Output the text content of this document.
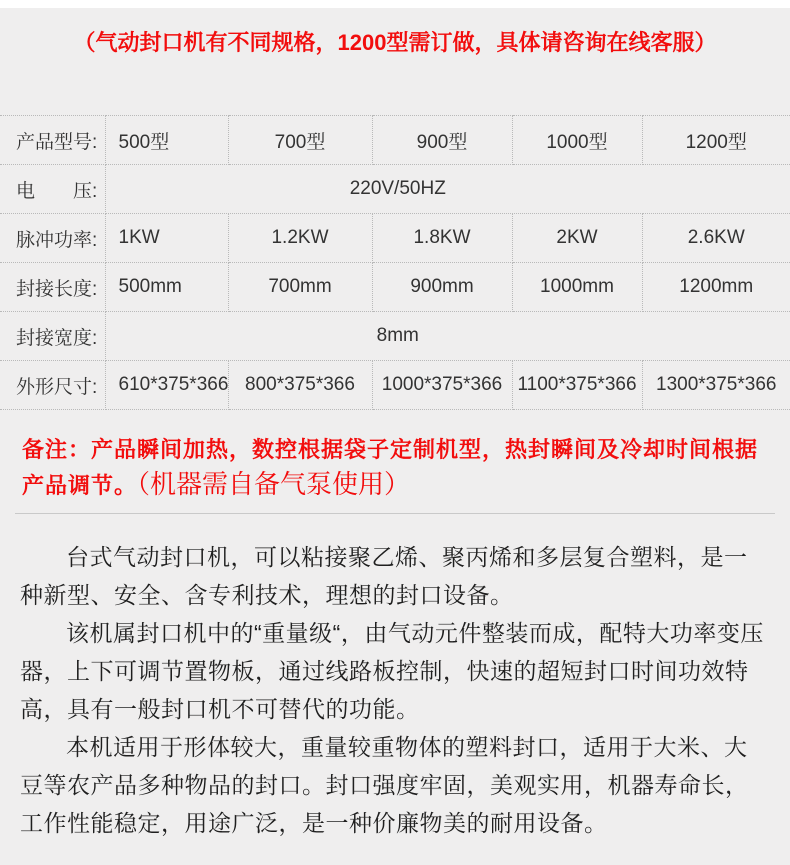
（气动封口机有不同规格，1200型需订做，具体请咨询在线客服）
产品型号:	500型	700型	900型	1000型	1200型
电　　压:	220V/50HZ				
脉冲功率:	1KW	1.2KW	1.8KW	2KW	2.6KW
封接长度:	500mm	700mm	900mm	1000mm	1200mm
封接宽度:	8mm				
外形尺寸:	610*375*366	800*375*366	1000*375*366	1100*375*366	1300*375*366
备注：产品瞬间加热，数控根据袋子定制机型，热封瞬间及冷却时间根据产品调节。（机器需自备气泵使用）

台式气动封口机，可以粘接聚乙烯、聚丙烯和多层复合塑料，是一种新型、安全、含专利技术，理想的封口设备。

该机属封口机中的“重量级“，由气动元件整装而成，配特大功率变压器，上下可调节置物板，通过线路板控制，快速的超短封口时间功效特高，具有一般封口机不可替代的功能。

本机适用于形体较大，重量较重物体的塑料封口，适用于大米、大豆等农产品多种物品的封口。封口强度牢固，美观实用，机器寿命长，工作性能稳定，用途广泛，是一种价廉物美的耐用设备。
